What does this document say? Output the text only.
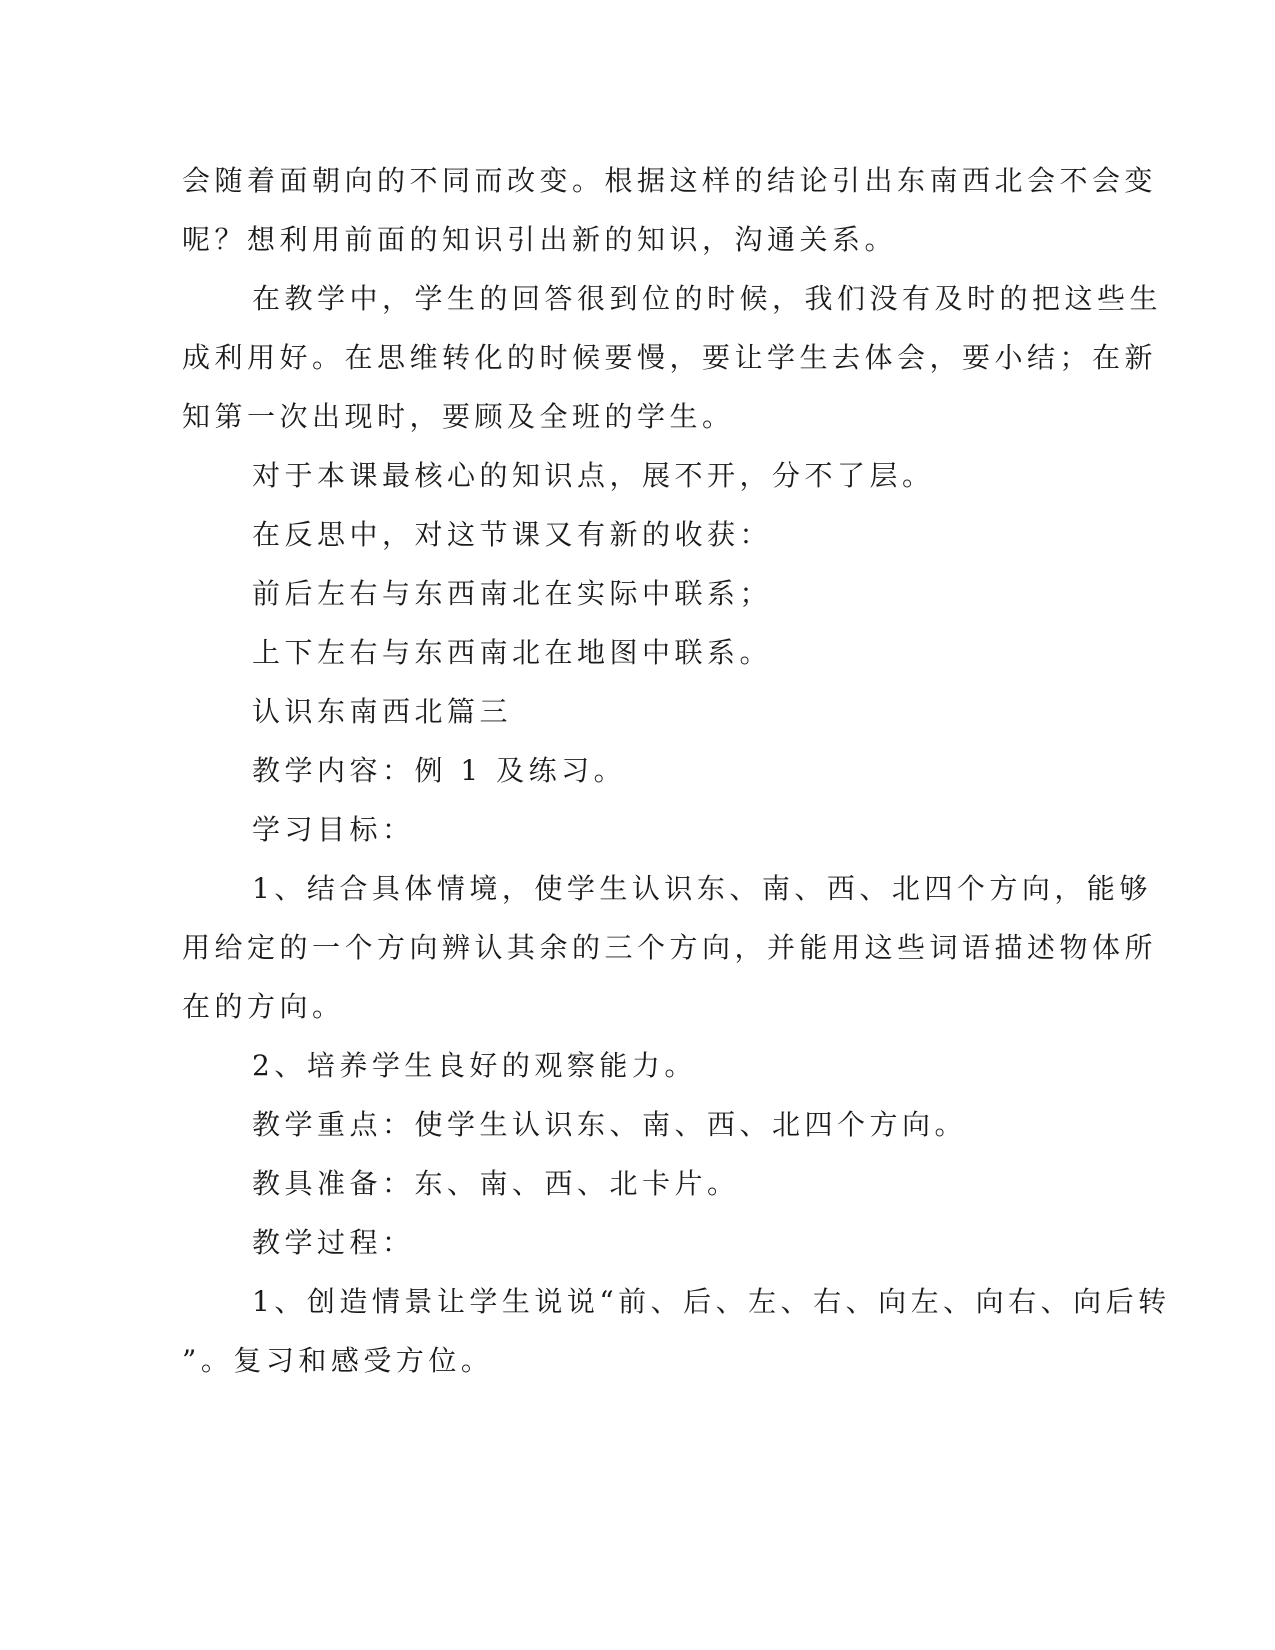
会随着面朝向的不同而改变。根据这样的结论引出东南西北会不会变

呢？想利用前面的知识引出新的知识，沟通关系。

在教学中，学生的回答很到位的时候，我们没有及时的把这些生

成利用好。在思维转化的时候要慢，要让学生去体会，要小结；在新

知第一次出现时，要顾及全班的学生。

对于本课最核心的知识点，展不开，分不了层。

在反思中，对这节课又有新的收获：

前后左右与东西南北在实际中联系；

上下左右与东西南北在地图中联系。

认识东南西北篇三

教学内容：例 1 及练习。

学习目标：

1、结合具体情境，使学生认识东、南、西、北四个方向，能够

用给定的一个方向辨认其余的三个方向，并能用这些词语描述物体所

在的方向。

2、培养学生良好的观察能力。

教学重点：使学生认识东、南、西、北四个方向。

教具准备：东、南、西、北卡片。

教学过程：

1、创造情景让学生说说“前、后、左、右、向左、向右、向后转

”。复习和感受方位。
